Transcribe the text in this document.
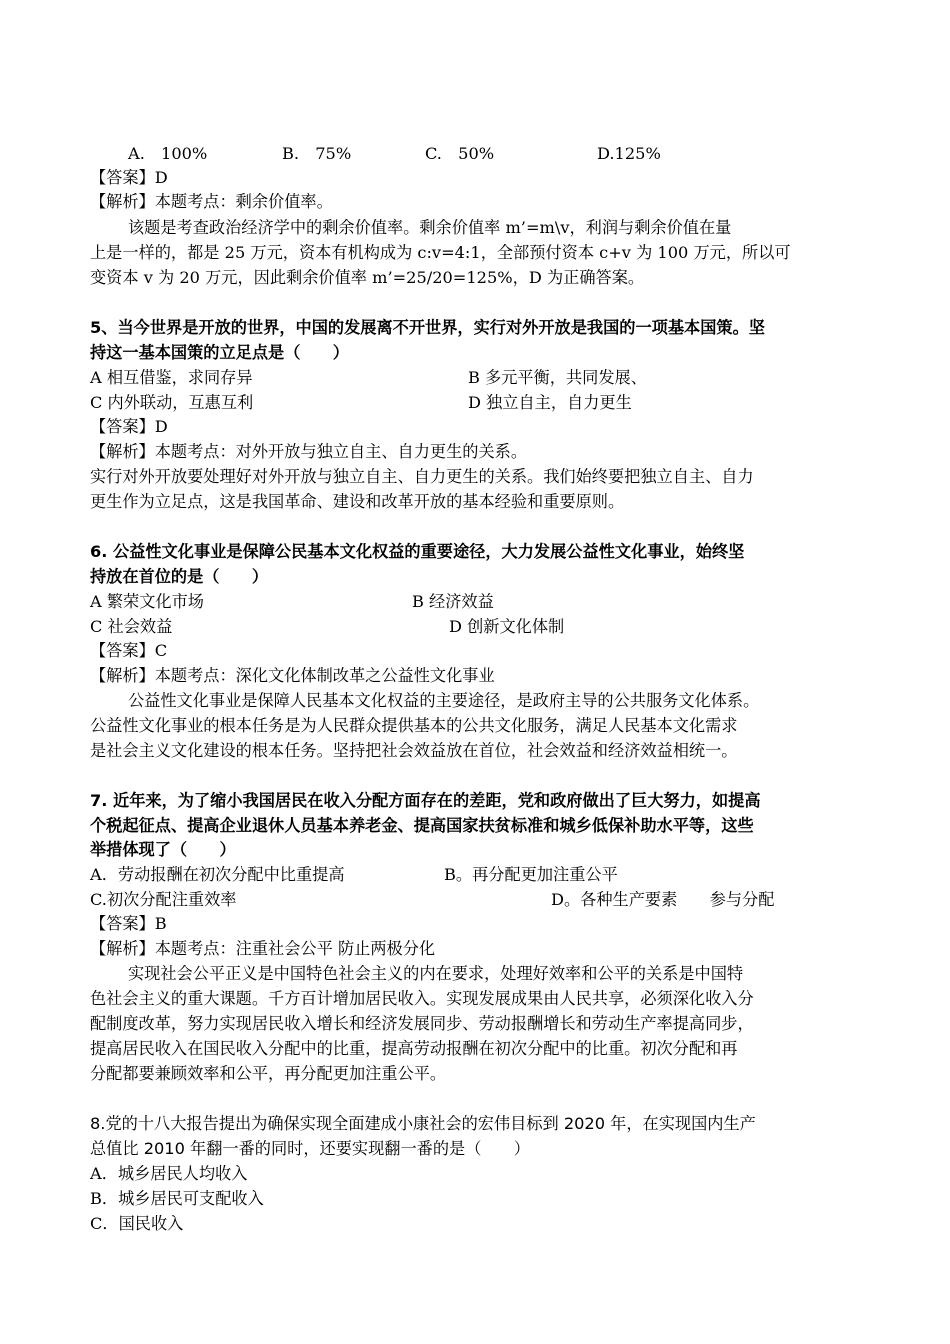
A.　100%	B.　75%	C.　50%	D.125%
【答案】D
【解析】本题考点：剩余价值率。
该题是考查政治经济学中的剩余价值率。剩余价值率 m’=m\v，利润与剩余价值在量
上是一样的，都是 25 万元，资本有机构成为 c:v=4:1，全部预付资本 c+v 为 100 万元，所以可
变资本 v 为 20 万元，因此剩余价值率 m’=25/20=125%，D 为正确答案。
5、当今世界是开放的世界，中国的发展离不开世界，实行对外开放是我国的一项基本国策。坚
持这一基本国策的立足点是（　　）
A 相互借鉴，求同存异	B 多元平衡，共同发展、
C 内外联动，互惠互利	D 独立自主，自力更生
【答案】D
【解析】本题考点：对外开放与独立自主、自力更生的关系。
实行对外开放要处理好对外开放与独立自主、自力更生的关系。我们始终要把独立自主、自力
更生作为立足点，这是我国革命、建设和改革开放的基本经验和重要原则。
6. 公益性文化事业是保障公民基本文化权益的重要途径，大力发展公益性文化事业，始终坚
持放在首位的是（　　）
A 繁荣文化市场	B 经济效益
C 社会效益	D 创新文化体制
【答案】C
【解析】本题考点：深化文化体制改革之公益性文化事业
公益性文化事业是保障人民基本文化权益的主要途径，是政府主导的公共服务文化体系。
公益性文化事业的根本任务是为人民群众提供基本的公共文化服务，满足人民基本文化需求
是社会主义文化建设的根本任务。坚持把社会效益放在首位，社会效益和经济效益相统一。
7. 近年来，为了缩小我国居民在收入分配方面存在的差距，党和政府做出了巨大努力，如提高
个税起征点、提高企业退休人员基本养老金、提高国家扶贫标准和城乡低保补助水平等，这些
举措体现了（　　）
A．劳动报酬在初次分配中比重提高	B。再分配更加注重公平
C.初次分配注重效率	D。各种生产要素　　参与分配
【答案】B
【解析】本题考点：注重社会公平 防止两极分化
实现社会公平正义是中国特色社会主义的内在要求，处理好效率和公平的关系是中国特
色社会主义的重大课题。千方百计增加居民收入。实现发展成果由人民共享，必须深化收入分
配制度改革，努力实现居民收入增长和经济发展同步、劳动报酬增长和劳动生产率提高同步，
提高居民收入在国民收入分配中的比重，提高劳动报酬在初次分配中的比重。初次分配和再
分配都要兼顾效率和公平，再分配更加注重公平。
8.党的十八大报告提出为确保实现全面建成小康社会的宏伟目标到 2020 年，在实现国内生产
总值比 2010 年翻一番的同时，还要实现翻一番的是（　　）
A．城乡居民人均收入
B．城乡居民可支配收入
C．国民收入
